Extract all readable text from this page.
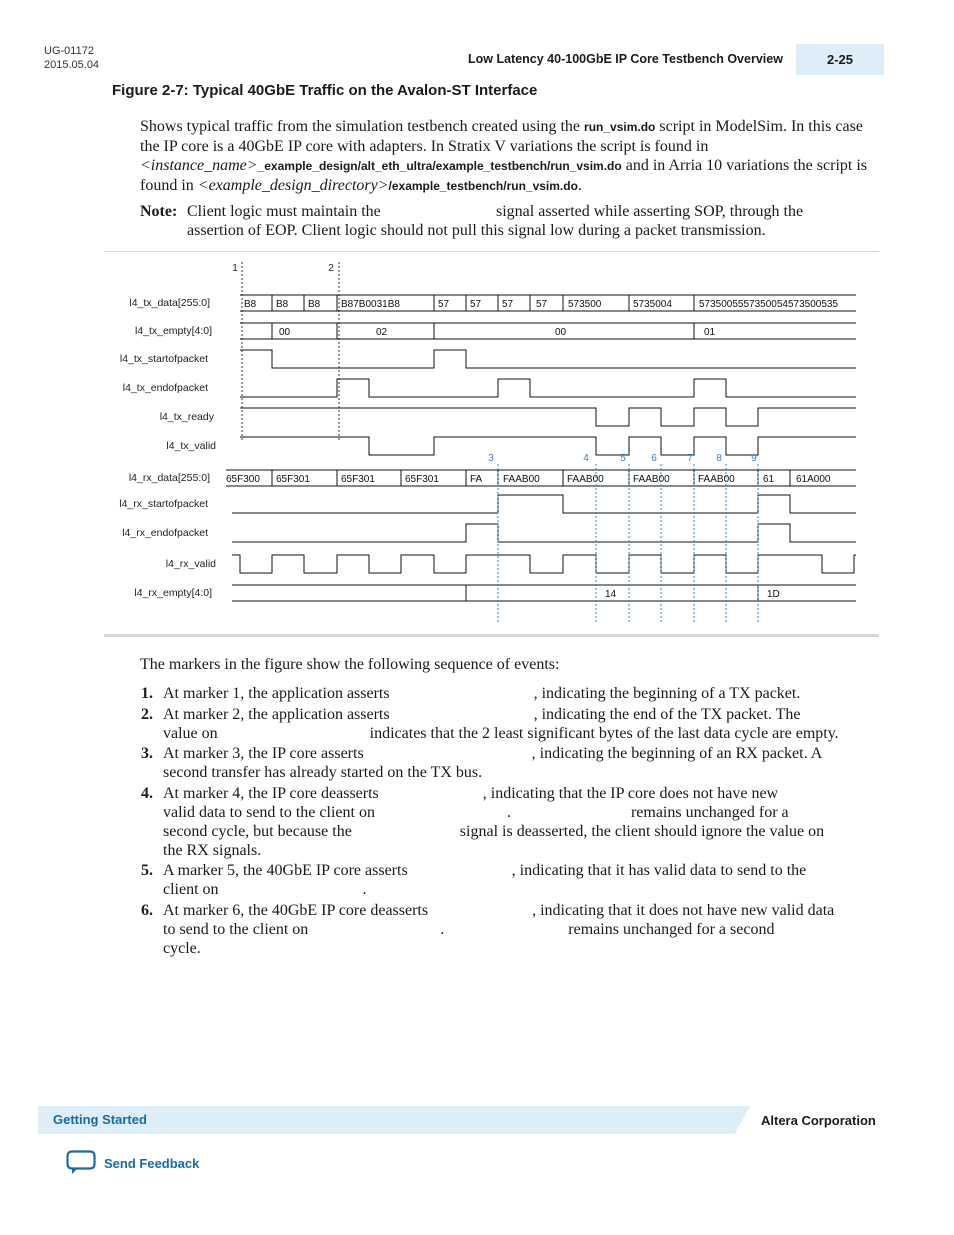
UG-01172
2015.05.04	Low Latency 40-100GbE IP Core Testbench Overview	2-25
Figure 2-7: Typical 40GbE Traffic on the Avalon-ST Interface
Shows typical traffic from the simulation testbench created using the run_vsim.do script in ModelSim. In this case the IP core is a 40GbE IP core with adapters. In Stratix V variations the script is found in <instance_name>_example_design/alt_eth_ultra/example_testbench/run_vsim.do and in Arria 10 variations the script is found in <example_design_directory>/example_testbench/run_vsim.do.
Note: Client logic must maintain the	signal asserted while asserting SOP, through the
assertion of EOP. Client logic should not pull this signal low during a packet transmission.
l4_tx_data[255:0]
l4_tx_empty[4:0]
l4_tx_startofpacket
l4_tx_endofpacket
l4_tx_ready
l4_tx_valid
l4_rx_data[255:0]
l4_rx_startofpacket
l4_rx_endofpacket
l4_rx_valid
l4_rx_empty[4:0]
B8 B8 B8 B87B0031B8	57 57 57 57 573500	5735004	5735005557350054573500535
00	02	00	01
65F300 65F301	65F301	65F301	FA FAAB00	FAAB00	FAAB00	FAAB00	61 61A000
14	1D
1	2
3	4	5	6	7 8	9
The markers in the figure show the following sequence of events:
1. At marker 1, the application asserts                                    , indicating the beginning of a TX packet.
2. At marker 2, the application asserts                                    , indicating the end of the TX packet. The
value on                                      indicates that the 2 least significant bytes of the last data cycle are empty.
3. At marker 3, the IP core asserts                                          , indicating the beginning of an RX packet. A
second transfer has already started on the TX bus.
4. At marker 4, the IP core deasserts                          , indicating that the IP core does not have new
valid data to send to the client on                                 .                              remains unchanged for a
second cycle, but because the                           signal is deasserted, the client should ignore the value on
the RX signals.
5. A marker 5, the 40GbE IP core asserts                          , indicating that it has valid data to send to the
client on                                    .
6. At marker 6, the 40GbE IP core deasserts                          , indicating that it does not have new valid data
to send to the client on                                 .                               remains unchanged for a second
cycle.
Getting Started	Altera Corporation
Send Feedback
